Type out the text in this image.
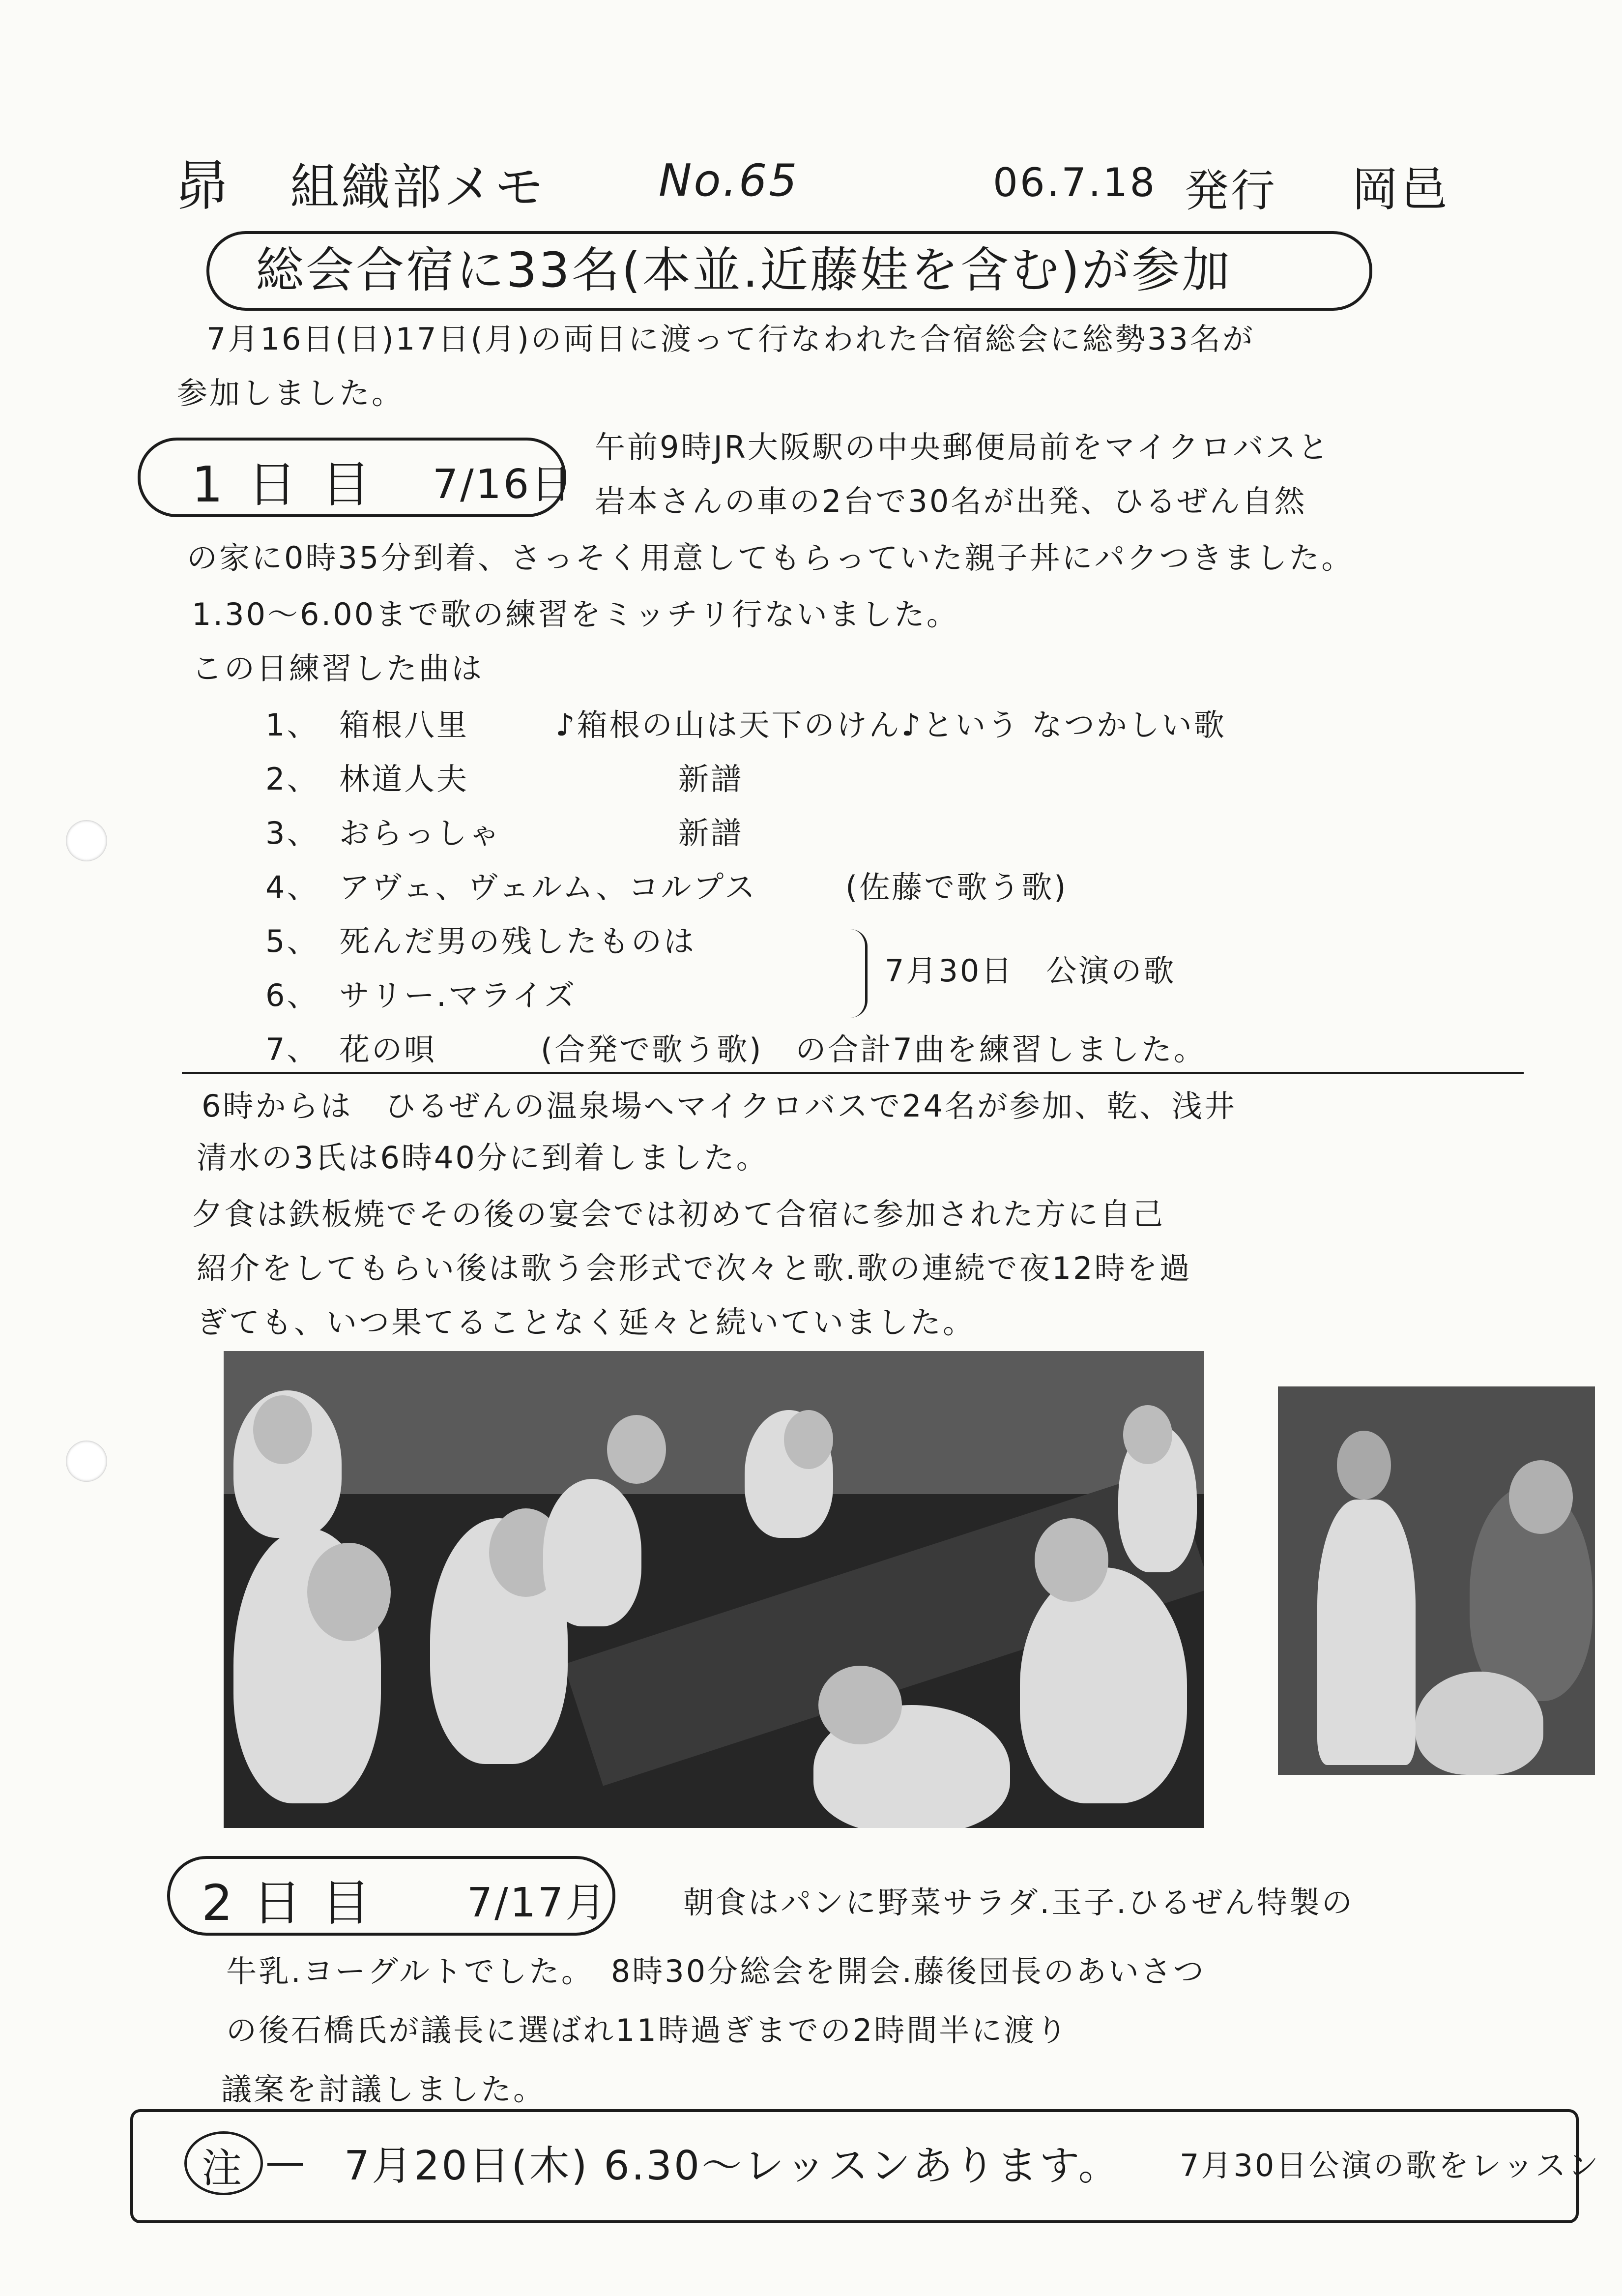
昴 組織部メモ	No.65	06.7.18 発行 岡邑
総会合宿に33名(本並.近藤娃を含む)が参加
7月16日(日)17日(月)の両日に渡って行なわれた合宿総会に総勢33名が
参加しました。
1日目 7/16日
午前9時JR大阪駅の中央郵便局前をマイクロバスと
岩本さんの車の2台で30名が出発、ひるぜん自然
の家に0時35分到着、さっそく用意してもらっていた親子丼にパクつきました。
1.30～6.00まで歌の練習をミッチリ行ないました。
この日練習した曲は
1、 箱根八里	♪箱根の山は天下のけん♪という なつかしい歌
2、 林道人夫	新譜
3、 おらっしゃ	新譜
4、 アヴェ、ヴェルム、コルプス	(佐藤で歌う歌)
5、 死んだ男の残したものは
6、 サリー.マライズ
7月30日　公演の歌
7、 花の唄	(合発で歌う歌)　の合計7曲を練習しました。
6時からは　ひるぜんの温泉場へマイクロバスで24名が参加、乾、浅井
清水の3氏は6時40分に到着しました。
夕食は鉄板焼でその後の宴会では初めて合宿に参加された方に自己
紹介をしてもらい後は歌う会形式で次々と歌.歌の連続で夜12時を過
ぎても、いつ果てることなく延々と続いていました。
2日目 7/17月 朝食はパンに野菜サラダ.玉子.ひるぜん特製の
牛乳.ヨーグルトでした。　8時30分総会を開会.藤後団長のあいさつ
の後石橋氏が議長に選ばれ11時過ぎまでの2時間半に渡り
議案を討議しました。
注 — 7月20日(木) 6.30～レッスンあります。 7月30日公演の歌をレッスン
